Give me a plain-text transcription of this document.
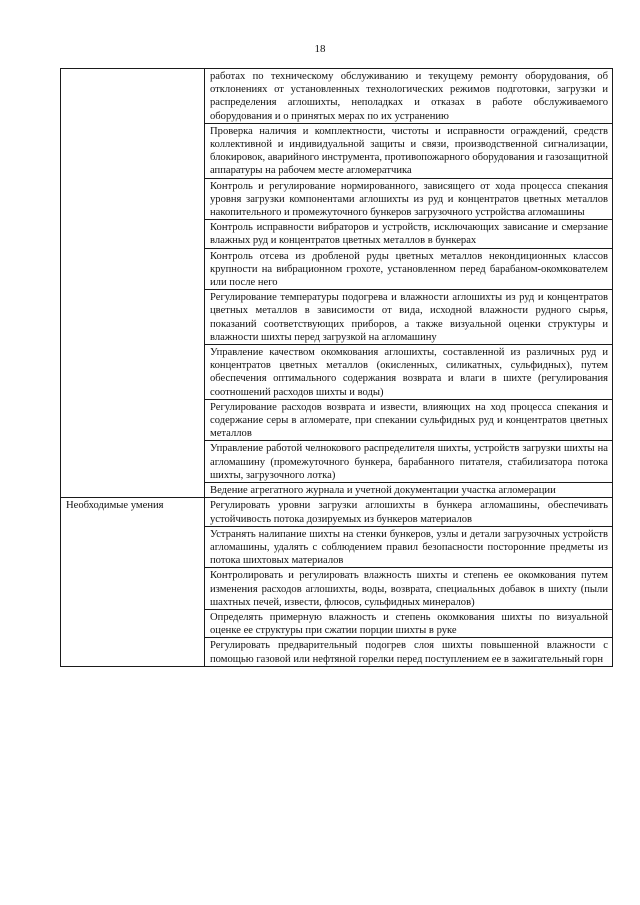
18
	работах по техническому обслуживанию и текущему ремонту оборудования, об отклонениях от установленных технологических режимов подготовки, загрузки и распределения аглошихты, неполадках и отказах в работе обслуживаемого оборудования и о принятых мерах по их устранению
	Проверка наличия и комплектности, чистоты и исправности ограждений, средств коллективной и индивидуальной защиты и связи, производственной сигнализации, блокировок, аварийного инструмента, противопожарного оборудования и газозащитной аппаратуры на рабочем месте агломератчика
	Контроль и регулирование нормированного, зависящего от хода процесса спекания уровня загрузки компонентами аглошихты из руд и концентратов цветных металлов накопительного и промежуточного бункеров загрузочного устройства агломашины
	Контроль исправности вибраторов и устройств, исключающих зависание и смерзание влажных руд и концентратов цветных металлов в бункерах
	Контроль отсева из дробленой руды цветных металлов некондиционных классов крупности на вибрационном грохоте, установленном перед барабаном-окомкователем или после него
	Регулирование температуры подогрева и влажности аглошихты из руд и концентратов цветных металлов в зависимости от вида, исходной влажности рудного сырья, показаний соответствующих приборов, а также визуальной оценки структуры и влажности шихты перед загрузкой на агломашину
	Управление качеством окомкования аглошихты, составленной из различных руд и концентратов цветных металлов (окисленных, силикатных, сульфидных), путем обеспечения оптимального содержания возврата и влаги в шихте (регулирования соотношений расходов шихты и воды)
	Регулирование расходов возврата и извести, влияющих на ход процесса спекания и содержание серы в агломерате, при спекании сульфидных руд и концентратов цветных металлов
	Управление работой челнокового распределителя шихты, устройств загрузки шихты на агломашину (промежуточного бункера, барабанного питателя, стабилизатора потока шихты, загрузочного лотка)
	Ведение агрегатного журнала и учетной документации участка агломерации
Необходимые умения	Регулировать уровни загрузки аглошихты в бункера агломашины, обеспечивать устойчивость потока дозируемых из бункеров материалов
	Устранять налипание шихты на стенки бункеров, узлы и детали загрузочных устройств агломашины, удалять с соблюдением правил безопасности посторонние предметы из потока шихтовых материалов
	Контролировать и регулировать влажность шихты и степень ее окомкования путем изменения расходов аглошихты, воды, возврата, специальных добавок в шихту (пыли шахтных печей, извести, флюсов, сульфидных минералов)
	Определять примерную влажность и степень окомкования шихты по визуальной оценке ее структуры при сжатии порции шихты в руке
	Регулировать предварительный подогрев слоя шихты повышенной влажности с помощью газовой или нефтяной горелки перед поступлением ее в зажигательный горн
